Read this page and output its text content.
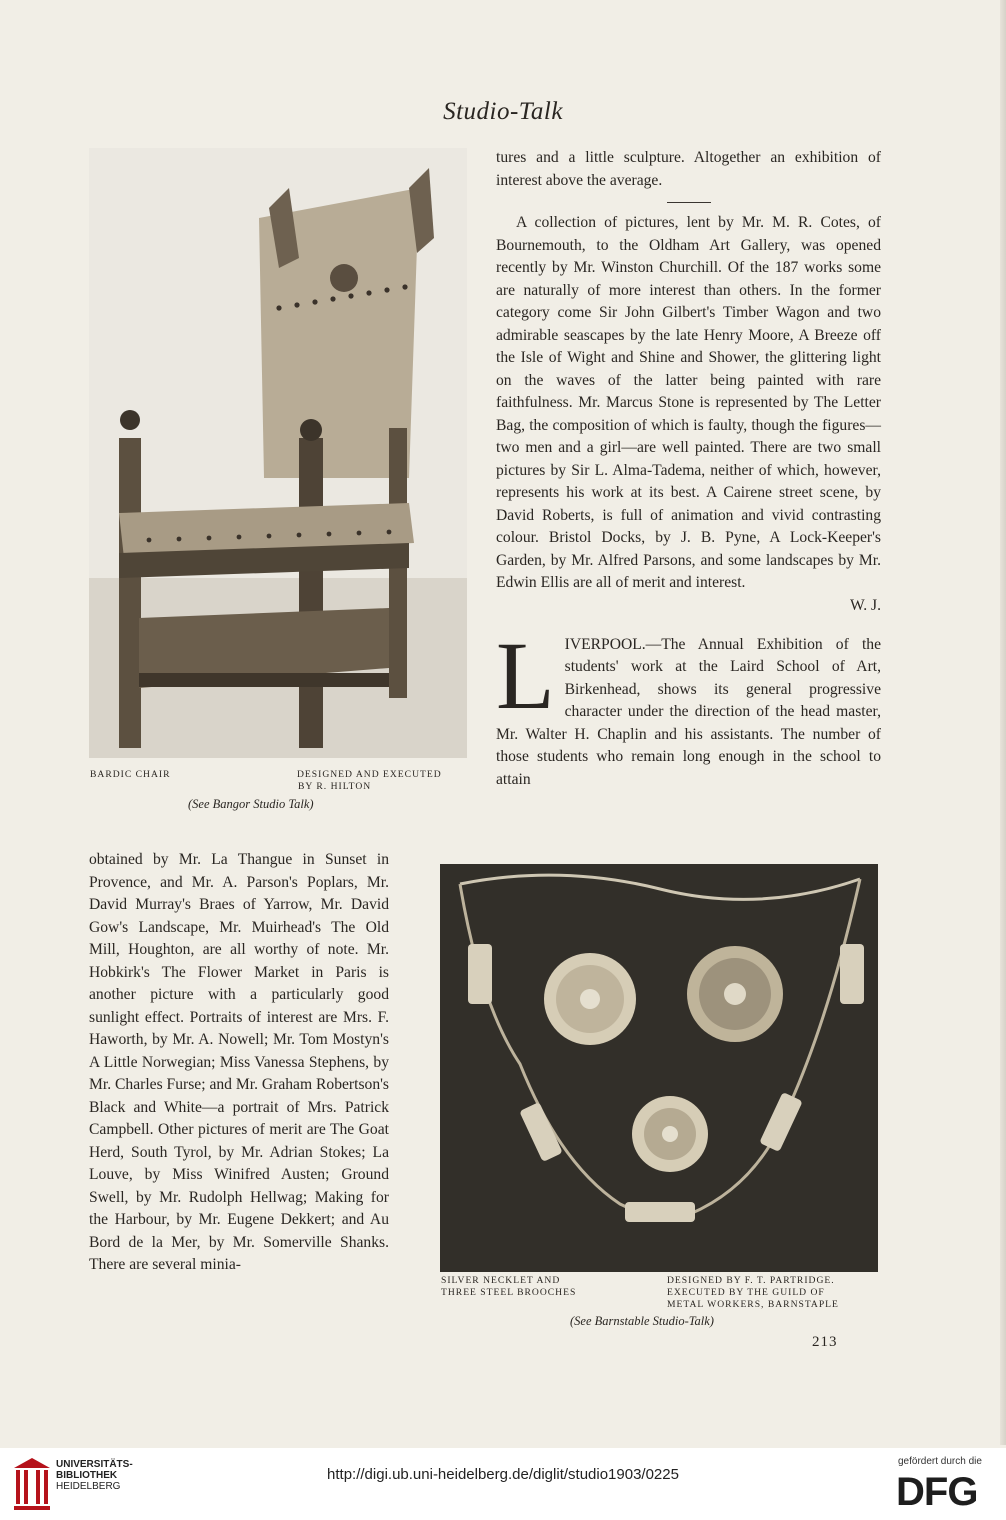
Studio-Talk
BARDIC CHAIR	DESIGNED AND EXECUTED
BY R. HILTON
(See Bangor Studio Talk)

tures and a little sculpture. Altogether an exhibition of interest above the average.

A collection of pictures, lent by Mr. M. R. Cotes, of Bournemouth, to the Oldham Art Gallery, was opened recently by Mr. Winston Churchill. Of the 187 works some are naturally of more interest than others. In the former category come Sir John Gilbert's Timber Wagon and two admirable seascapes by the late Henry Moore, A Breeze off the Isle of Wight and Shine and Shower, the glittering light on the waves of the latter being painted with rare faithfulness. Mr. Marcus Stone is represented by The Letter Bag, the composition of which is faulty, though the figures—two men and a girl—are well painted. There are two small pictures by Sir L. Alma-Tadema, neither of which, however, represents his work at its best. A Cairene street scene, by David Roberts, is full of animation and vivid contrasting colour. Bristol Docks, by J. B. Pyne, A Lock-Keeper's Garden, by Mr. Alfred Parsons, and some landscapes by Mr. Edwin Ellis are all of merit and interest.

W. J.

LIVERPOOL.—The Annual Exhibition of the students' work at the Laird School of Art, Birkenhead, shows its general progressive character under the direction of the head master, Mr. Walter H. Chaplin and his assistants. The number of those students who remain long enough in the school to attain

obtained by Mr. La Thangue in Sunset in Provence, and Mr. A. Parson's Poplars, Mr. David Murray's Braes of Yarrow, Mr. David Gow's Landscape, Mr. Muirhead's The Old Mill, Houghton, are all worthy of note. Mr. Hobkirk's The Flower Market in Paris is another picture with a particularly good sunlight effect. Portraits of interest are Mrs. F. Haworth, by Mr. A. Nowell; Mr. Tom Mostyn's A Little Norwegian; Miss Vanessa Stephens, by Mr. Charles Furse; and Mr. Graham Robertson's Black and White—a portrait of Mrs. Patrick Campbell. Other pictures of merit are The Goat Herd, South Tyrol, by Mr. Adrian Stokes; La Louve, by Miss Winifred Austen; Ground Swell, by Mr. Rudolph Hellwag; Making for the Harbour, by Mr. Eugene Dekkert; and Au Bord de la Mer, by Mr. Somerville Shanks. There are several minia-

SILVER NECKLET AND
THREE STEEL BROOCHES
DESIGNED BY F. T. PARTRIDGE.
EXECUTED BY THE GUILD OF
METAL WORKERS, BARNSTAPLE
(See Barnstable Studio-Talk)
213
UNIVERSITÄTS-
BIBLIOTHEK
HEIDELBERG
http://digi.ub.uni-heidelberg.de/diglit/studio1903/0225
gefördert durch die
DFG
